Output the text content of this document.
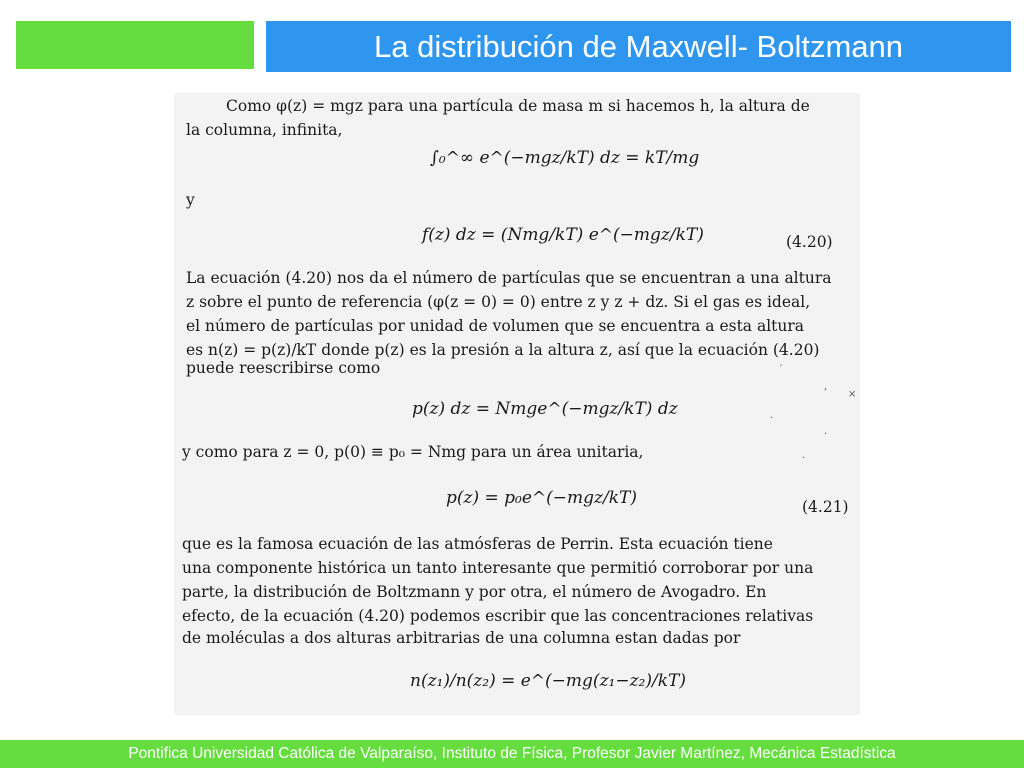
La distribución de Maxwell- Boltzmann
Como φ(z) = mgz para una partícula de masa m si hacemos h, la altura de
la columna, infinita,
∫₀^∞ e^(−mgz/kT) dz = kT/mg
y
f(z) dz = (Nmg/kT) e^(−mgz/kT)	(4.20)
La ecuación (4.20) nos da el número de partículas que se encuentran a una altura
z sobre el punto de referencia (φ(z = 0) = 0) entre z y z + dz. Si el gas es ideal,
el número de partículas por unidad de volumen que se encuentra a esta altura
es n(z) = p(z)/kT donde p(z) es la presión a la altura z, así que la ecuación (4.20)
puede reescribirse como
p(z) dz = Nmge^(−mgz/kT) dz
y como para z = 0, p(0) ≡ p₀ = Nmg para un área unitaria,
p(z) = p₀e^(−mgz/kT)	(4.21)
que es la famosa ecuación de las atmósferas de Perrin. Esta ecuación tiene
una componente histórica un tanto interesante que permitió corroborar por una
parte, la distribución de Boltzmann y por otra, el número de Avogadro. En
efecto, de la ecuación (4.20) podemos escribir que las concentraciones relativas
de moléculas a dos alturas arbitrarias de una columna estan dadas por
n(z₁)/n(z₂) = e^(−mg(z₁−z₂)/kT)
´
,
×
·
·
·
Pontifica Universidad Católica de Valparaíso, Instituto de Física, Profesor Javier Martínez, Mecánica Estadística
